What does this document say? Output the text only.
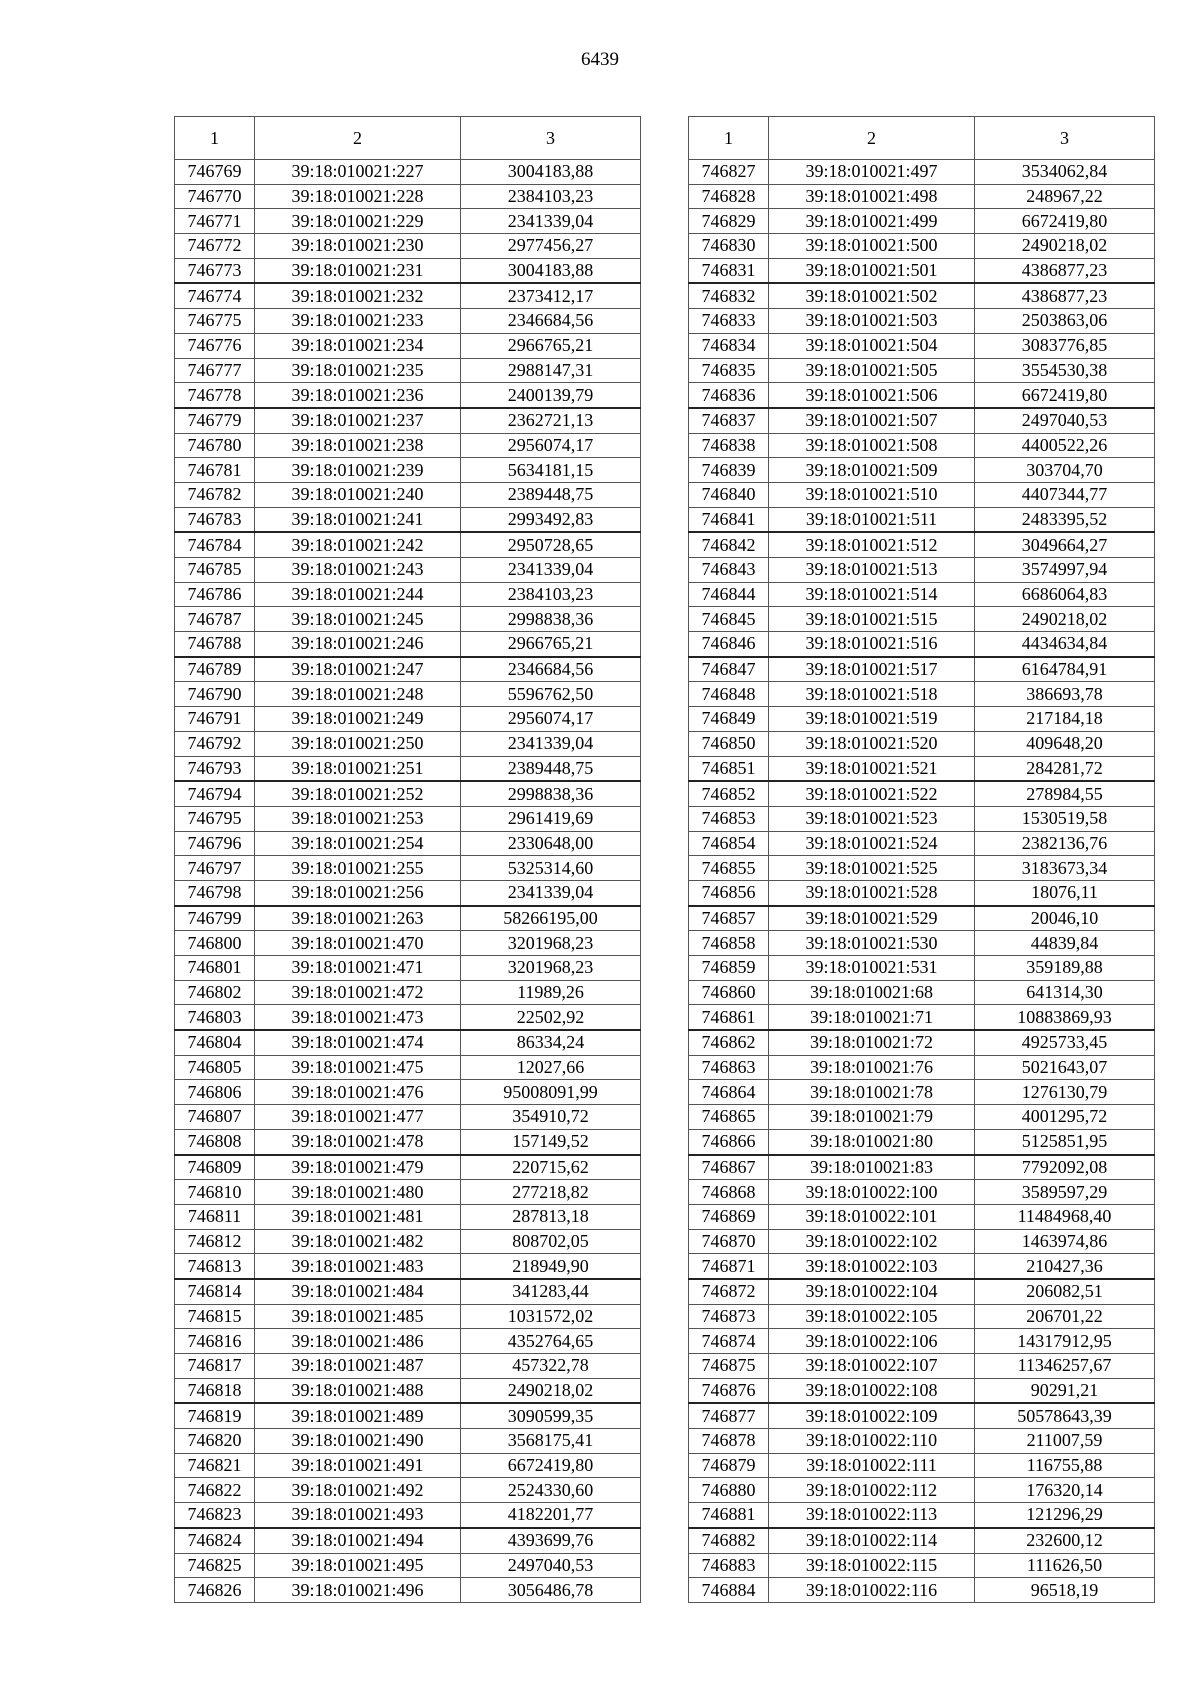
6439
1	2	3
746769	39:18:010021:227	3004183,88
746770	39:18:010021:228	2384103,23
746771	39:18:010021:229	2341339,04
746772	39:18:010021:230	2977456,27
746773	39:18:010021:231	3004183,88
746774	39:18:010021:232	2373412,17
746775	39:18:010021:233	2346684,56
746776	39:18:010021:234	2966765,21
746777	39:18:010021:235	2988147,31
746778	39:18:010021:236	2400139,79
746779	39:18:010021:237	2362721,13
746780	39:18:010021:238	2956074,17
746781	39:18:010021:239	5634181,15
746782	39:18:010021:240	2389448,75
746783	39:18:010021:241	2993492,83
746784	39:18:010021:242	2950728,65
746785	39:18:010021:243	2341339,04
746786	39:18:010021:244	2384103,23
746787	39:18:010021:245	2998838,36
746788	39:18:010021:246	2966765,21
746789	39:18:010021:247	2346684,56
746790	39:18:010021:248	5596762,50
746791	39:18:010021:249	2956074,17
746792	39:18:010021:250	2341339,04
746793	39:18:010021:251	2389448,75
746794	39:18:010021:252	2998838,36
746795	39:18:010021:253	2961419,69
746796	39:18:010021:254	2330648,00
746797	39:18:010021:255	5325314,60
746798	39:18:010021:256	2341339,04
746799	39:18:010021:263	58266195,00
746800	39:18:010021:470	3201968,23
746801	39:18:010021:471	3201968,23
746802	39:18:010021:472	11989,26
746803	39:18:010021:473	22502,92
746804	39:18:010021:474	86334,24
746805	39:18:010021:475	12027,66
746806	39:18:010021:476	95008091,99
746807	39:18:010021:477	354910,72
746808	39:18:010021:478	157149,52
746809	39:18:010021:479	220715,62
746810	39:18:010021:480	277218,82
746811	39:18:010021:481	287813,18
746812	39:18:010021:482	808702,05
746813	39:18:010021:483	218949,90
746814	39:18:010021:484	341283,44
746815	39:18:010021:485	1031572,02
746816	39:18:010021:486	4352764,65
746817	39:18:010021:487	457322,78
746818	39:18:010021:488	2490218,02
746819	39:18:010021:489	3090599,35
746820	39:18:010021:490	3568175,41
746821	39:18:010021:491	6672419,80
746822	39:18:010021:492	2524330,60
746823	39:18:010021:493	4182201,77
746824	39:18:010021:494	4393699,76
746825	39:18:010021:495	2497040,53
746826	39:18:010021:496	3056486,78
1	2	3
746827	39:18:010021:497	3534062,84
746828	39:18:010021:498	248967,22
746829	39:18:010021:499	6672419,80
746830	39:18:010021:500	2490218,02
746831	39:18:010021:501	4386877,23
746832	39:18:010021:502	4386877,23
746833	39:18:010021:503	2503863,06
746834	39:18:010021:504	3083776,85
746835	39:18:010021:505	3554530,38
746836	39:18:010021:506	6672419,80
746837	39:18:010021:507	2497040,53
746838	39:18:010021:508	4400522,26
746839	39:18:010021:509	303704,70
746840	39:18:010021:510	4407344,77
746841	39:18:010021:511	2483395,52
746842	39:18:010021:512	3049664,27
746843	39:18:010021:513	3574997,94
746844	39:18:010021:514	6686064,83
746845	39:18:010021:515	2490218,02
746846	39:18:010021:516	4434634,84
746847	39:18:010021:517	6164784,91
746848	39:18:010021:518	386693,78
746849	39:18:010021:519	217184,18
746850	39:18:010021:520	409648,20
746851	39:18:010021:521	284281,72
746852	39:18:010021:522	278984,55
746853	39:18:010021:523	1530519,58
746854	39:18:010021:524	2382136,76
746855	39:18:010021:525	3183673,34
746856	39:18:010021:528	18076,11
746857	39:18:010021:529	20046,10
746858	39:18:010021:530	44839,84
746859	39:18:010021:531	359189,88
746860	39:18:010021:68	641314,30
746861	39:18:010021:71	10883869,93
746862	39:18:010021:72	4925733,45
746863	39:18:010021:76	5021643,07
746864	39:18:010021:78	1276130,79
746865	39:18:010021:79	4001295,72
746866	39:18:010021:80	5125851,95
746867	39:18:010021:83	7792092,08
746868	39:18:010022:100	3589597,29
746869	39:18:010022:101	11484968,40
746870	39:18:010022:102	1463974,86
746871	39:18:010022:103	210427,36
746872	39:18:010022:104	206082,51
746873	39:18:010022:105	206701,22
746874	39:18:010022:106	14317912,95
746875	39:18:010022:107	11346257,67
746876	39:18:010022:108	90291,21
746877	39:18:010022:109	50578643,39
746878	39:18:010022:110	211007,59
746879	39:18:010022:111	116755,88
746880	39:18:010022:112	176320,14
746881	39:18:010022:113	121296,29
746882	39:18:010022:114	232600,12
746883	39:18:010022:115	111626,50
746884	39:18:010022:116	96518,19
